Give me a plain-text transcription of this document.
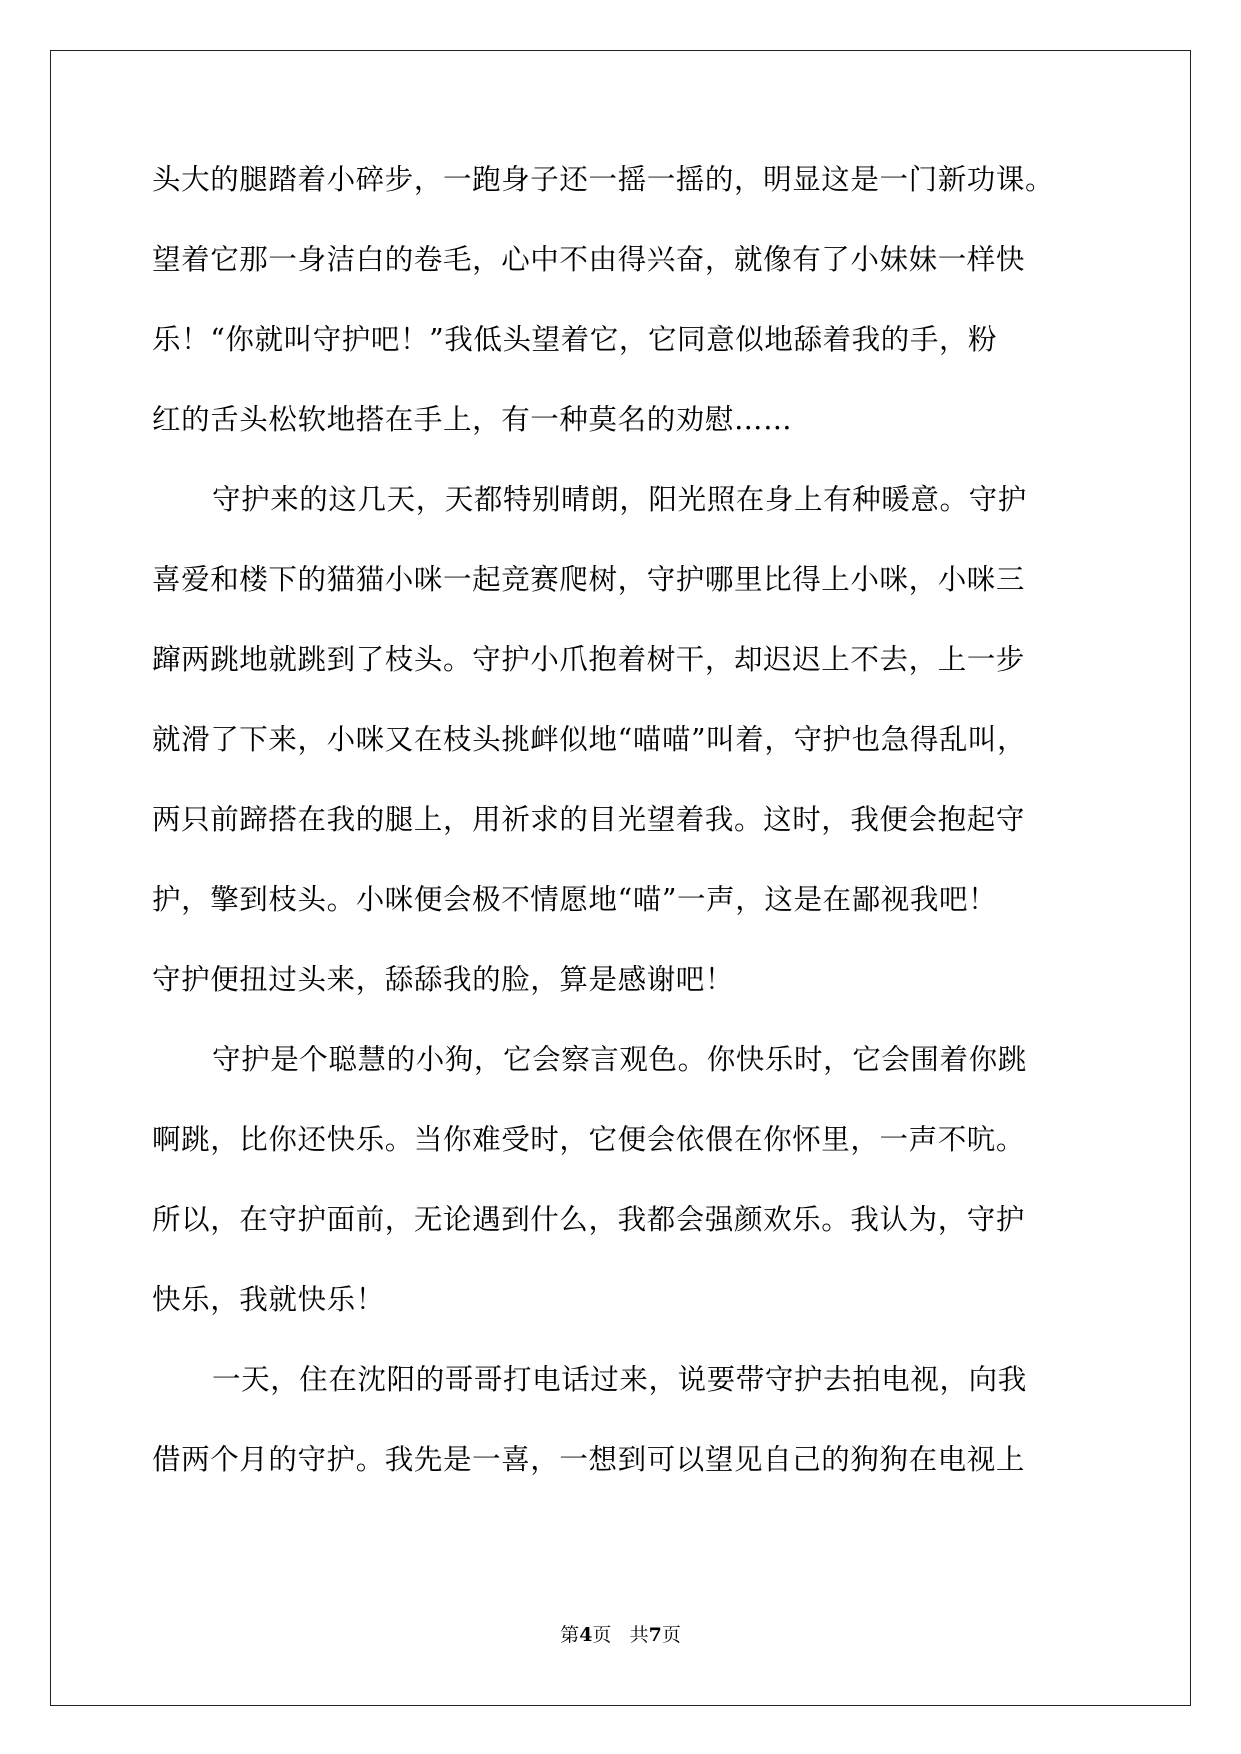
头大的腿踏着小碎步，一跑身子还一摇一摇的，明显这是一门新功课。
望着它那一身洁白的卷毛，心中不由得兴奋，就像有了小妹妹一样快
乐！“你就叫守护吧！”我低头望着它，它同意似地舔着我的手，粉
红的舌头松软地搭在手上，有一种莫名的劝慰……
守护来的这几天，天都特别晴朗，阳光照在身上有种暖意。守护
喜爱和楼下的猫猫小咪一起竞赛爬树，守护哪里比得上小咪，小咪三
蹿两跳地就跳到了枝头。守护小爪抱着树干，却迟迟上不去，上一步
就滑了下来，小咪又在枝头挑衅似地“喵喵”叫着，守护也急得乱叫，
两只前蹄搭在我的腿上，用祈求的目光望着我。这时，我便会抱起守
护，擎到枝头。小咪便会极不情愿地“喵”一声，这是在鄙视我吧！
守护便扭过头来，舔舔我的脸，算是感谢吧！
守护是个聪慧的小狗，它会察言观色。你快乐时，它会围着你跳
啊跳，比你还快乐。当你难受时，它便会依偎在你怀里，一声不吭。
所以，在守护面前，无论遇到什么，我都会强颜欢乐。我认为，守护
快乐，我就快乐！
一天，住在沈阳的哥哥打电话过来，说要带守护去拍电视，向我
借两个月的守护。我先是一喜，一想到可以望见自己的狗狗在电视上
第4页 共7页
